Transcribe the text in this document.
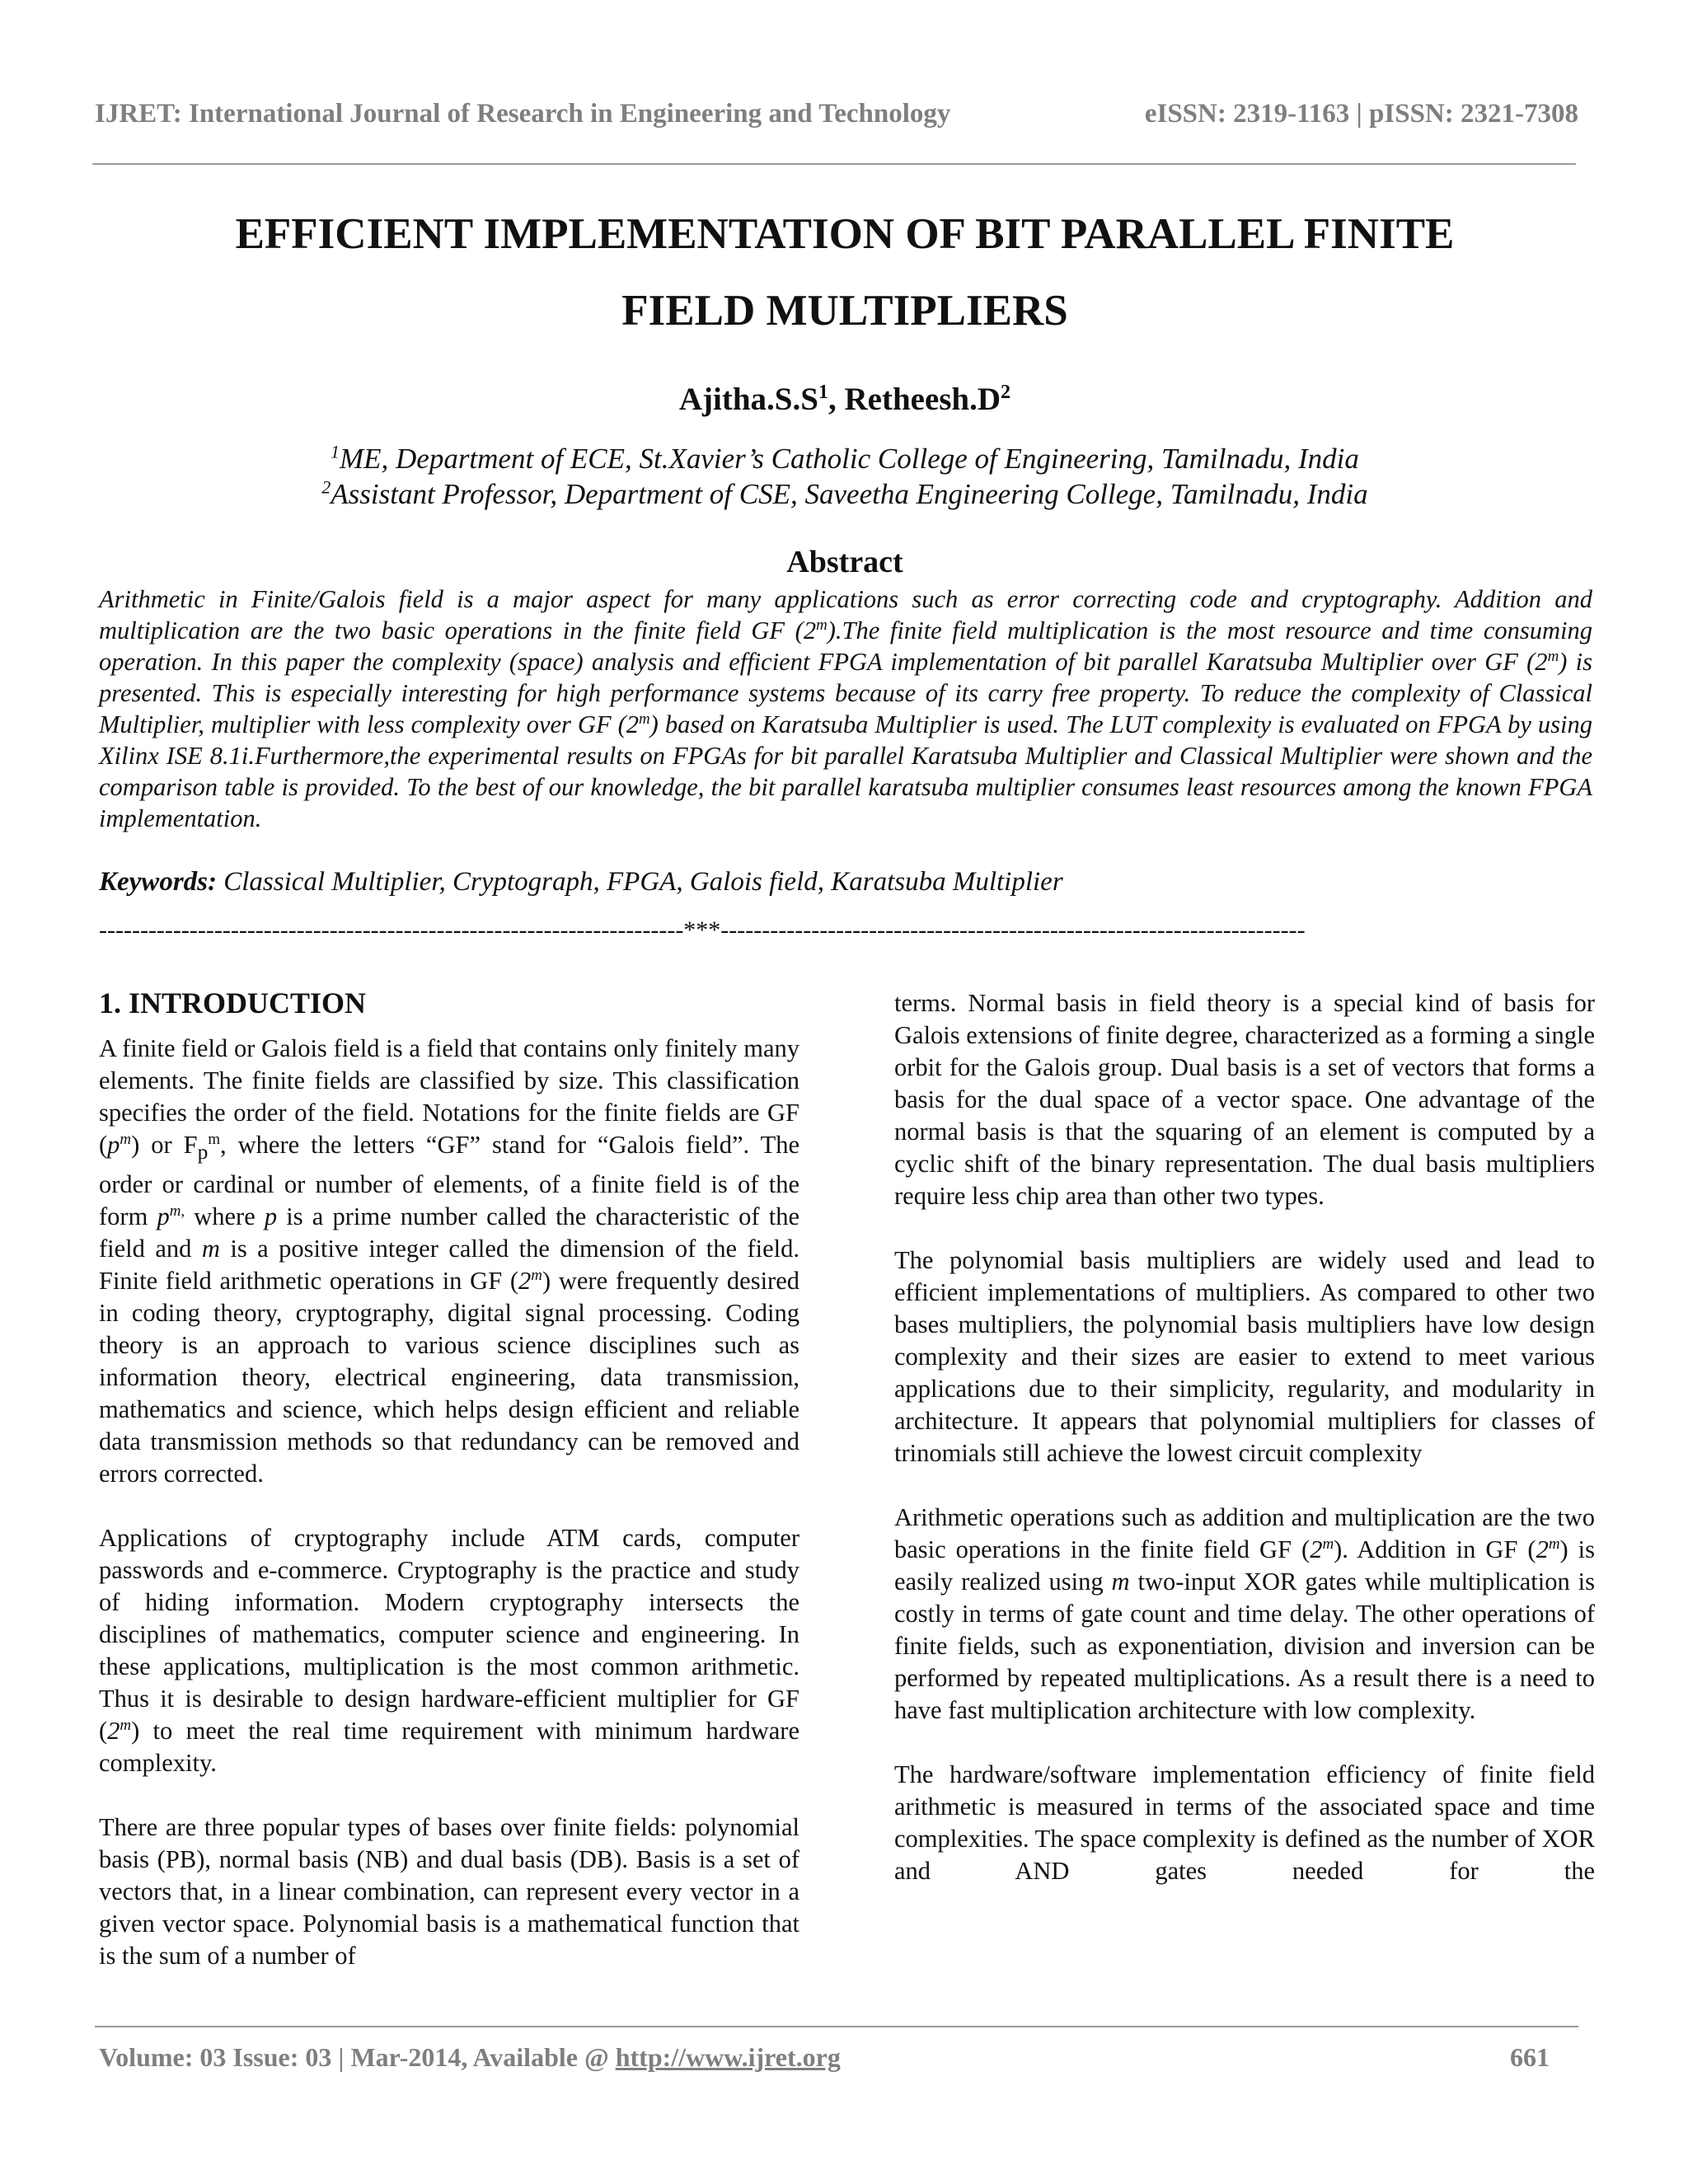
IJRET: International Journal of Research in Engineering and Technology	eISSN: 2319-1163 | pISSN: 2321-7308
EFFICIENT IMPLEMENTATION OF BIT PARALLEL FINITE
FIELD MULTIPLIERS
$Ajitha.S.S^1$, $Retheesh.D^2$
$^1$ME, Department of ECE, St.Xavier’s Catholic College of Engineering, Tamilnadu, India
$^2$Assistant Professor, Department of CSE, Saveetha Engineering College, Tamilnadu, India
Abstract
Arithmetic in Finite/Galois field is a major aspect for many applications such as error correcting code and cryptography. Addition and multiplication are the two basic operations in the finite field GF (2$^m$).The finite field multiplication is the most resource and time consuming operation. In this paper the complexity (space) analysis and efficient FPGA implementation of bit parallel Karatsuba Multiplier over GF (2$^m$) is presented. This is especially interesting for high performance systems because of its carry free property. To reduce the complexity of Classical Multiplier, multiplier with less complexity over GF (2$^m$) based on Karatsuba Multiplier is used. The LUT complexity is evaluated on FPGA by using Xilinx ISE 8.1i.Furthermore,the experimental results on FPGAs for bit parallel Karatsuba Multiplier and Classical Multiplier were shown and the comparison table is provided. To the best of our knowledge, the bit parallel karatsuba multiplier consumes least resources among the known FPGA implementation.
Keywords: Classical Multiplier, Cryptograph, FPGA, Galois field, Karatsuba Multiplier
-----------------------------------------------------------------------***-----------------------------------------------------------------------
1. INTRODUCTION

A finite field or Galois field is a field that contains only finitely many elements. The finite fields are classified by size. This classification specifies the order of the field. Notations for the finite fields are GF $(p^m)$ or $F_p^m$, where the letters “GF” stand for “Galois field”. The order or cardinal or number of elements, of a finite field is of the form $p^{m,}$ where p is a prime number called the characteristic of the field and m is a positive integer called the dimension of the field. Finite field arithmetic operations in GF (2$^m$) were frequently desired in coding theory, cryptography, digital signal processing. Coding theory is an approach to various science disciplines such as information theory, electrical engineering, data transmission, mathematics and science, which helps design efficient and reliable data transmission methods so that redundancy can be removed and errors corrected.

Applications of cryptography include ATM cards, computer passwords and e-commerce. Cryptography is the practice and study of hiding information. Modern cryptography intersects the disciplines of mathematics, computer science and engineering. In these applications, multiplication is the most common arithmetic. Thus it is desirable to design hardware-efficient multiplier for GF (2$^m$) to meet the real time requirement with minimum hardware complexity.

There are three popular types of bases over finite fields: polynomial basis (PB), normal basis (NB) and dual basis (DB). Basis is a set of vectors that, in a linear combination, can represent every vector in a given vector space. Polynomial basis is a mathematical function that is the sum of a number of

terms. Normal basis in field theory is a special kind of basis for Galois extensions of finite degree, characterized as a forming a single orbit for the Galois group. Dual basis is a set of vectors that forms a basis for the dual space of a vector space. One advantage of the normal basis is that the squaring of an element is computed by a cyclic shift of the binary representation. The dual basis multipliers require less chip area than other two types.

The polynomial basis multipliers are widely used and lead to efficient implementations of multipliers. As compared to other two bases multipliers, the polynomial basis multipliers have low design complexity and their sizes are easier to extend to meet various applications due to their simplicity, regularity, and modularity in architecture. It appears that polynomial multipliers for classes of trinomials still achieve the lowest circuit complexity

Arithmetic operations such as addition and multiplication are the two basic operations in the finite field GF (2$^m$). Addition in GF (2$^m$) is easily realized using m two-input XOR gates while multiplication is costly in terms of gate count and time delay. The other operations of finite fields, such as exponentiation, division and inversion can be performed by repeated multiplications. As a result there is a need to have fast multiplication architecture with low complexity.

The hardware/software implementation efficiency of finite field arithmetic is measured in terms of the associated space and time complexities. The space complexity is defined as the number of XOR and AND gates needed for the

Volume: 03 Issue: 03 | Mar-2014, Available @ http://www.ijret.org	661
